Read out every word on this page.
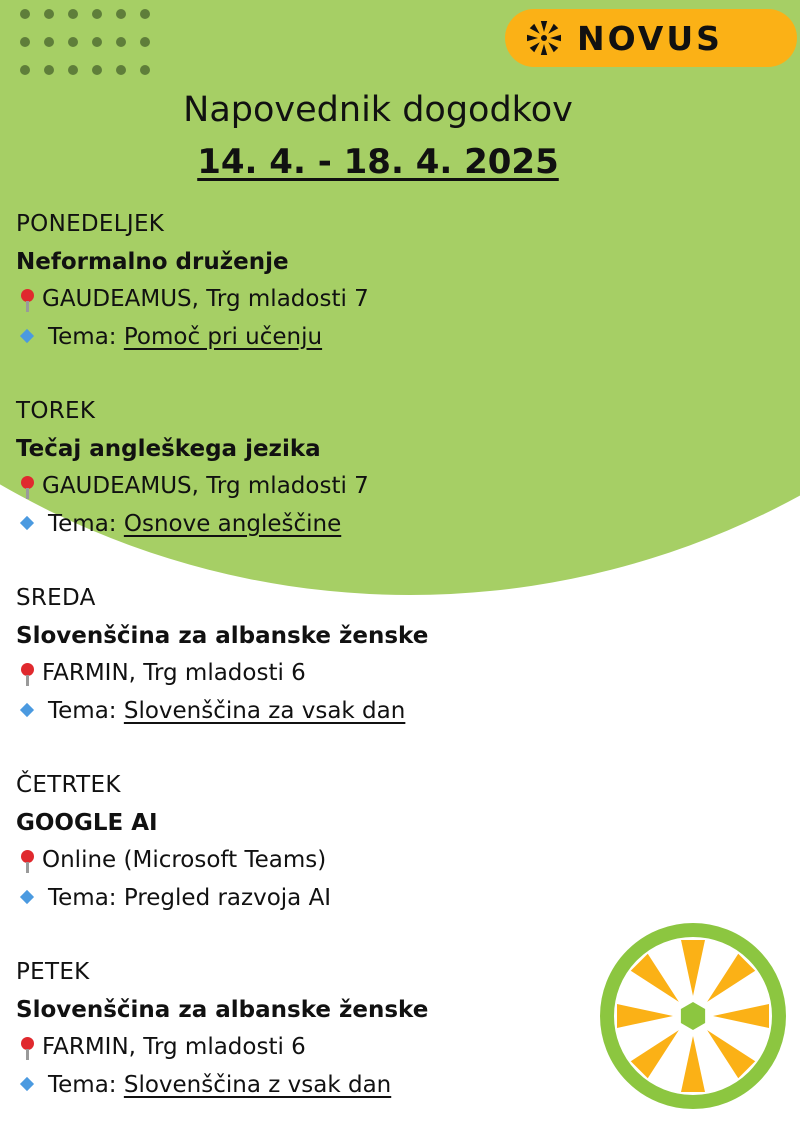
NOVUS
Napovednik dogodkov
14. 4. - 18. 4. 2025
PONEDELJEK
Neformalno druženje
GAUDEAMUS, Trg mladosti 7
Tema: Pomoč pri učenju
TOREK
Tečaj angleškega jezika
GAUDEAMUS, Trg mladosti 7
Tema: Osnove angleščine
SREDA
Slovenščina za albanske ženske
FARMIN, Trg mladosti 6
Tema: Slovenščina za vsak dan
ČETRTEK
GOOGLE AI
Online (Microsoft Teams)
Tema: Pregled razvoja AI
PETEK
Slovenščina za albanske ženske
FARMIN, Trg mladosti 6
Tema: Slovenščina z vsak dan
